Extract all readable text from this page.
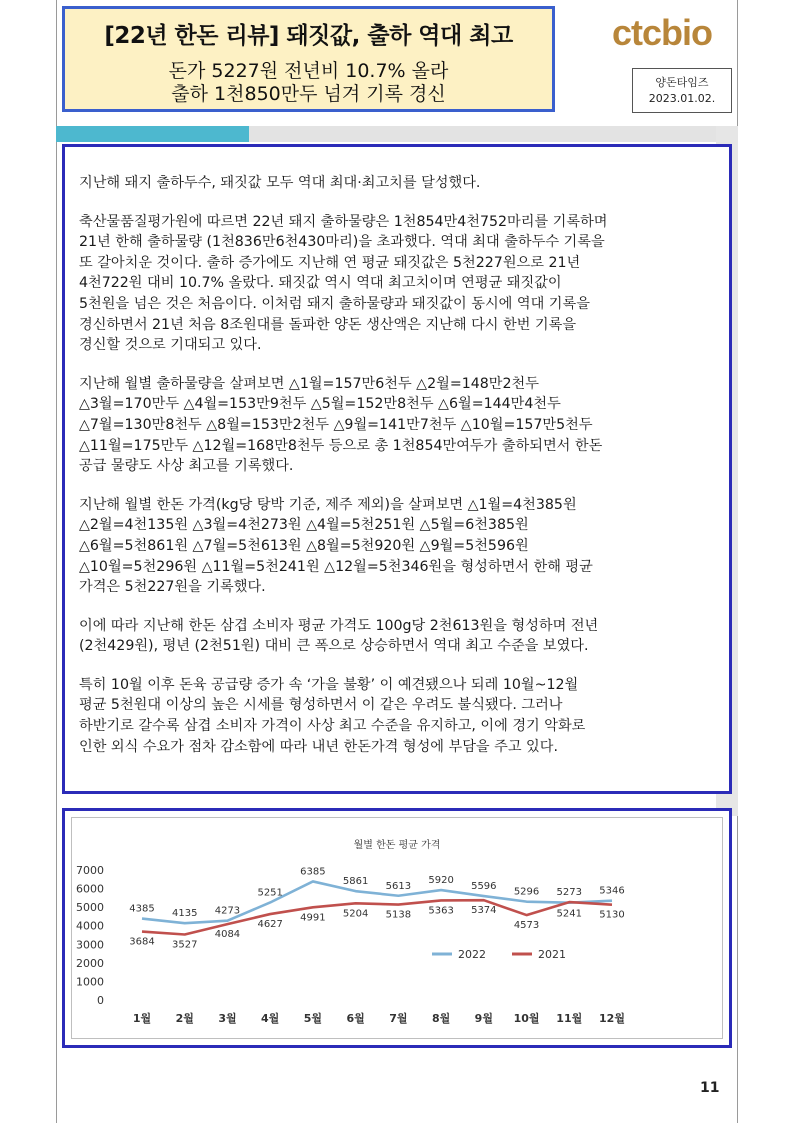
[22년 한돈 리뷰] 돼짓값, 출하 역대 최고
돈가 5227원 전년비 10.7% 올라
출하 1천850만두 넘겨 기록 경신
ctcbio
양돈타임즈
2023.01.02.

지난해 돼지 출하두수, 돼짓값 모두 역대 최대·최고치를 달성했다.

축산물품질평가원에 따르면 22년 돼지 출하물량은 1천854만4천752마리를 기록하며
21년 한해 출하물량 (1천836만6천430마리)을 초과했다. 역대 최대 출하두수 기록을
또 갈아치운 것이다. 출하 증가에도 지난해 연 평균 돼짓값은 5천227원으로 21년
4천722원 대비 10.7% 올랐다. 돼짓값 역시 역대 최고치이며 연평균 돼짓값이
5천원을 넘은 것은 처음이다. 이처럼 돼지 출하물량과 돼짓값이 동시에 역대 기록을
경신하면서 21년 처음 8조원대를 돌파한 양돈 생산액은 지난해 다시 한번 기록을
경신할 것으로 기대되고 있다.

지난해 월별 출하물량을 살펴보면 △1월=157만6천두 △2월=148만2천두
△3월=170만두 △4월=153만9천두 △5월=152만8천두 △6월=144만4천두
△7월=130만8천두 △8월=153만2천두 △9월=141만7천두 △10월=157만5천두
△11월=175만두 △12월=168만8천두 등으로 총 1천854만여두가 출하되면서 한돈
공급 물량도 사상 최고를 기록했다.

지난해 월별 한돈 가격(kg당 탕박 기준, 제주 제외)을 살펴보면 △1월=4천385원
△2월=4천135원 △3월=4천273원 △4월=5천251원 △5월=6천385원
△6월=5천861원 △7월=5천613원 △8월=5천920원 △9월=5천596원
△10월=5천296원 △11월=5천241원 △12월=5천346원을 형성하면서 한해 평균
가격은 5천227원을 기록했다.

이에 따라 지난해 한돈 삼겹 소비자 평균 가격도 100g당 2천613원을 형성하며 전년
(2천429원), 평년 (2천51원) 대비 큰 폭으로 상승하면서 역대 최고 수준을 보였다.

특히 10월 이후 돈육 공급량 증가 속 ‘가을 불황’ 이 예견됐으나 되레 10월~12월
평균 5천원대 이상의 높은 시세를 형성하면서 이 같은 우려도 불식됐다. 그러나
하반기로 갈수록 삼겹 소비자 가격이 사상 최고 수준을 유지하고, 이에 경기 악화로
인한 외식 수요가 점차 감소함에 따라 내년 한돈가격 형성에 부담을 주고 있다.

월별 한돈 평균 가격
0
1000
2000
3000
4000
5000
6000
7000
1월 2월 3월 4월 5월 6월 7월 8월 9월 10월 11월 12월
4385 4135 4273
5251
6385
5861 5613
5920
5596
5296
5241
5346
3684 3527
4084
4627
4991 5204 5138 5363 5374
4573
5273
5130
2022	2021
11
